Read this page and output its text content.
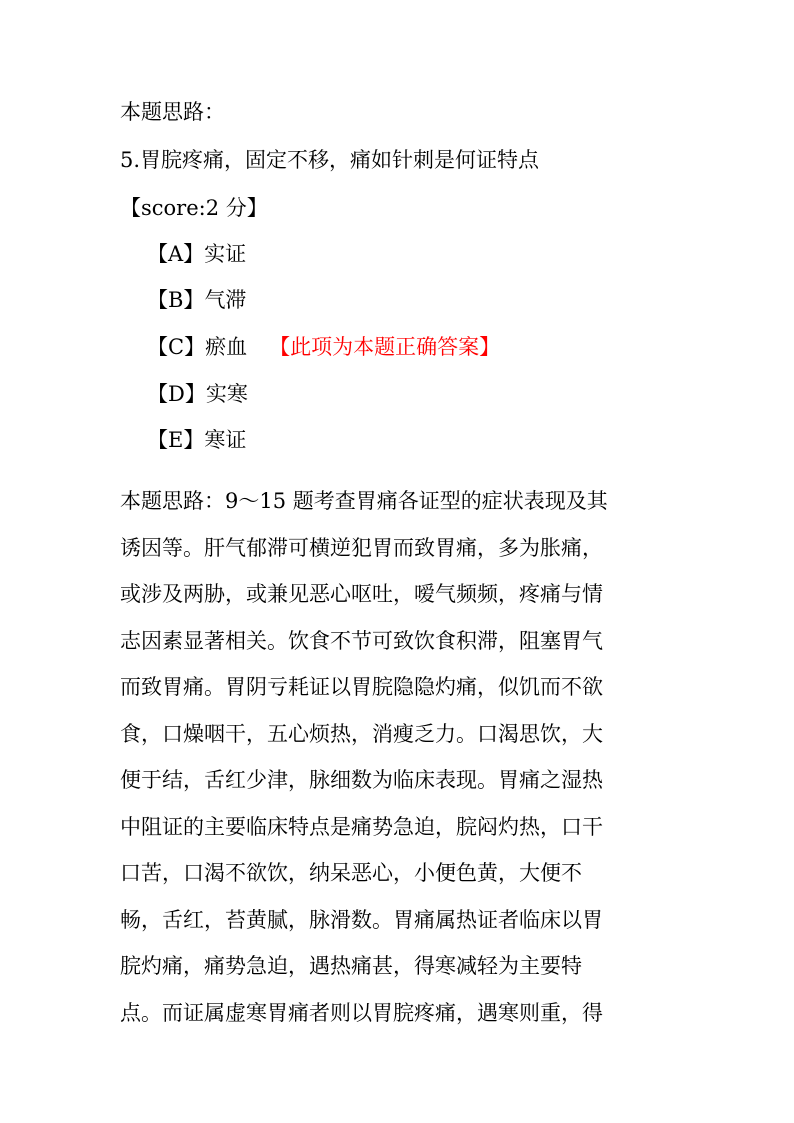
本题思路：
5.胃脘疼痛，固定不移，痛如针刺是何证特点
【score:2 分】
【A】实证
【B】气滞
【C】瘀血 【此项为本题正确答案】
【D】实寒
【E】寒证
本题思路：9～15 题考查胃痛各证型的症状表现及其
诱因等。肝气郁滞可横逆犯胃而致胃痛，多为胀痛，
或涉及两胁，或兼见恶心呕吐，嗳气频频，疼痛与情
志因素显著相关。饮食不节可致饮食积滞，阻塞胃气
而致胃痛。胃阴亏耗证以胃脘隐隐灼痛，似饥而不欲
食，口燥咽干，五心烦热，消瘦乏力。口渴思饮，大
便于结，舌红少津，脉细数为临床表现。胃痛之湿热
中阻证的主要临床特点是痛势急迫，脘闷灼热，口干
口苦，口渴不欲饮，纳呆恶心，小便色黄，大便不
畅，舌红，苔黄腻，脉滑数。胃痛属热证者临床以胃
脘灼痛，痛势急迫，遇热痛甚，得寒减轻为主要特
点。而证属虚寒胃痛者则以胃脘疼痛，遇寒则重，得
